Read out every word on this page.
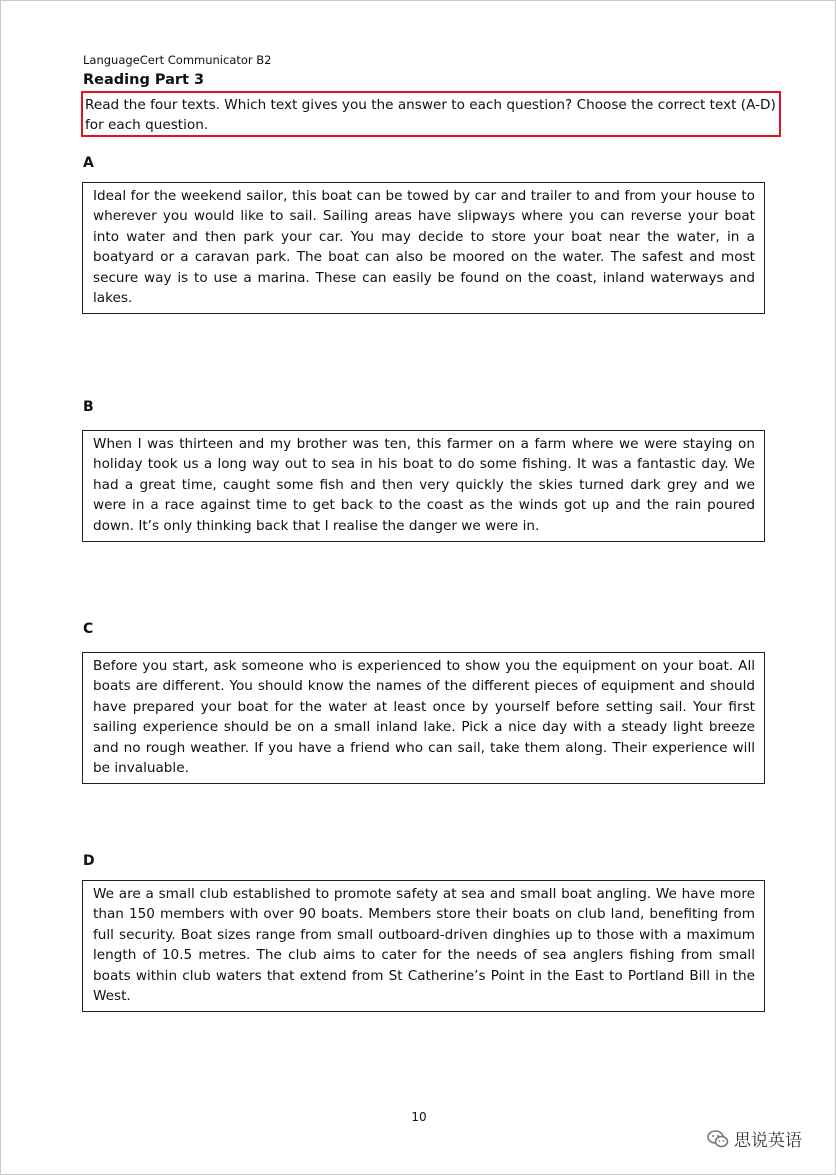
LanguageCert Communicator B2
Reading Part 3
Read the four texts. Which text gives you the answer to each question? Choose the correct text (A-D) for each question.
A
Ideal for the weekend sailor, this boat can be towed by car and trailer to and from your house to wherever you would like to sail. Sailing areas have slipways where you can reverse your boat into water and then park your car. You may decide to store your boat near the water, in a boatyard or a caravan park. The boat can also be moored on the water. The safest and most secure way is to use a marina. These can easily be found on the coast, inland waterways and lakes.
B
When I was thirteen and my brother was ten, this farmer on a farm where we were staying on holiday took us a long way out to sea in his boat to do some fishing. It was a fantastic day. We had a great time, caught some fish and then very quickly the skies turned dark grey and we were in a race against time to get back to the coast as the winds got up and the rain poured down. It’s only thinking back that I realise the danger we were in.
C
Before you start, ask someone who is experienced to show you the equipment on your boat. All boats are different. You should know the names of the different pieces of equipment and should have prepared your boat for the water at least once by yourself before setting sail. Your first sailing experience should be on a small inland lake. Pick a nice day with a steady light breeze and no rough weather. If you have a friend who can sail, take them along. Their experience will be invaluable.
D
We are a small club established to promote safety at sea and small boat angling. We have more than 150 members with over 90 boats. Members store their boats on club land, benefiting from full security. Boat sizes range from small outboard-driven dinghies up to those with a maximum length of 10.5 metres. The club aims to cater for the needs of sea anglers fishing from small boats within club waters that extend from St Catherine’s Point in the East to Portland Bill in the West.
10
思说英语
